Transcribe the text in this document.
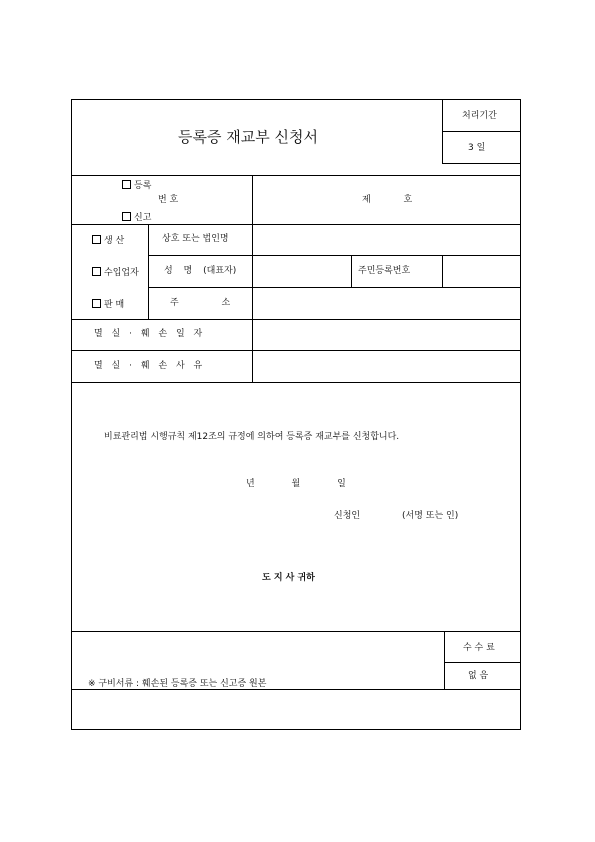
등록증 재교부 신청서
처리기간
3 일
등록
번 호
신고
제 호
생 산
수입업자
판 매
상호 또는 법인명
성 명 (대표자)	주민등록번호
주 소
멸 실 · 훼 손 일 자
멸 실 · 훼 손 사 유
비료관리법 시행규칙 제12조의 규정에 의하여 등록증 재교부를 신청합니다.
년 월 일
신청인	(서명 또는 인)
도 지 사 귀하
※ 구비서류 : 훼손된 등록증 또는 신고증 원본
수 수 료
없 음
